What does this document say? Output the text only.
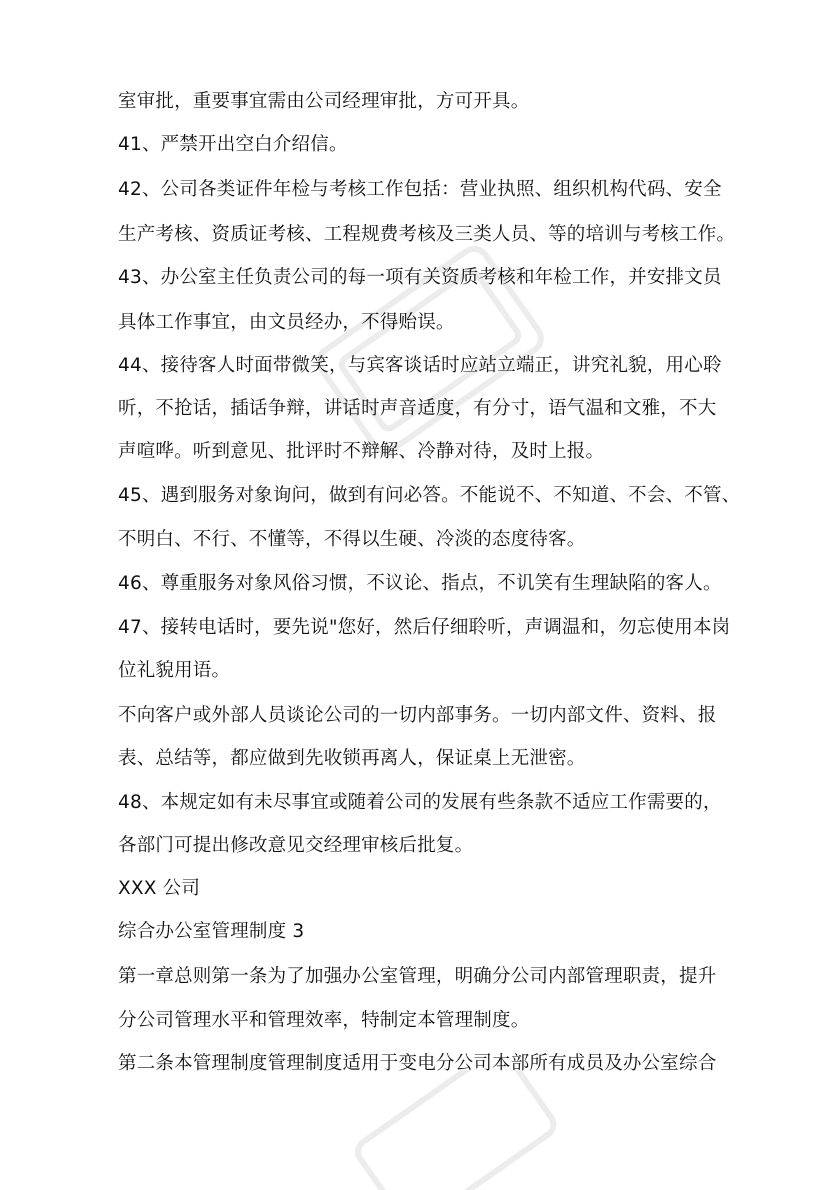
室审批，重要事宜需由公司经理审批，方可开具。
41、严禁开出空白介绍信。
42、公司各类证件年检与考核工作包括：营业执照、组织机构代码、安全
生产考核、资质证考核、工程规费考核及三类人员、等的培训与考核工作。
43、办公室主任负责公司的每一项有关资质考核和年检工作，并安排文员
具体工作事宜，由文员经办，不得贻误。
44、接待客人时面带微笑，与宾客谈话时应站立端正，讲究礼貌，用心聆
听，不抢话，插话争辩，讲话时声音适度，有分寸，语气温和文雅，不大
声喧哗。听到意见、批评时不辩解、冷静对待，及时上报。
45、遇到服务对象询问，做到有问必答。不能说不、不知道、不会、不管、
不明白、不行、不懂等，不得以生硬、冷淡的态度待客。
46、尊重服务对象风俗习惯，不议论、指点，不讥笑有生理缺陷的客人。
47、接转电话时，要先说"您好，然后仔细聆听，声调温和，勿忘使用本岗
位礼貌用语。
不向客户或外部人员谈论公司的一切内部事务。一切内部文件、资料、报
表、总结等，都应做到先收锁再离人，保证桌上无泄密。
48、本规定如有未尽事宜或随着公司的发展有些条款不适应工作需要的，
各部门可提出修改意见交经理审核后批复。
XXX 公司
综合办公室管理制度 3
第一章总则第一条为了加强办公室管理，明确分公司内部管理职责，提升
分公司管理水平和管理效率，特制定本管理制度。
第二条本管理制度管理制度适用于变电分公司本部所有成员及办公室综合
